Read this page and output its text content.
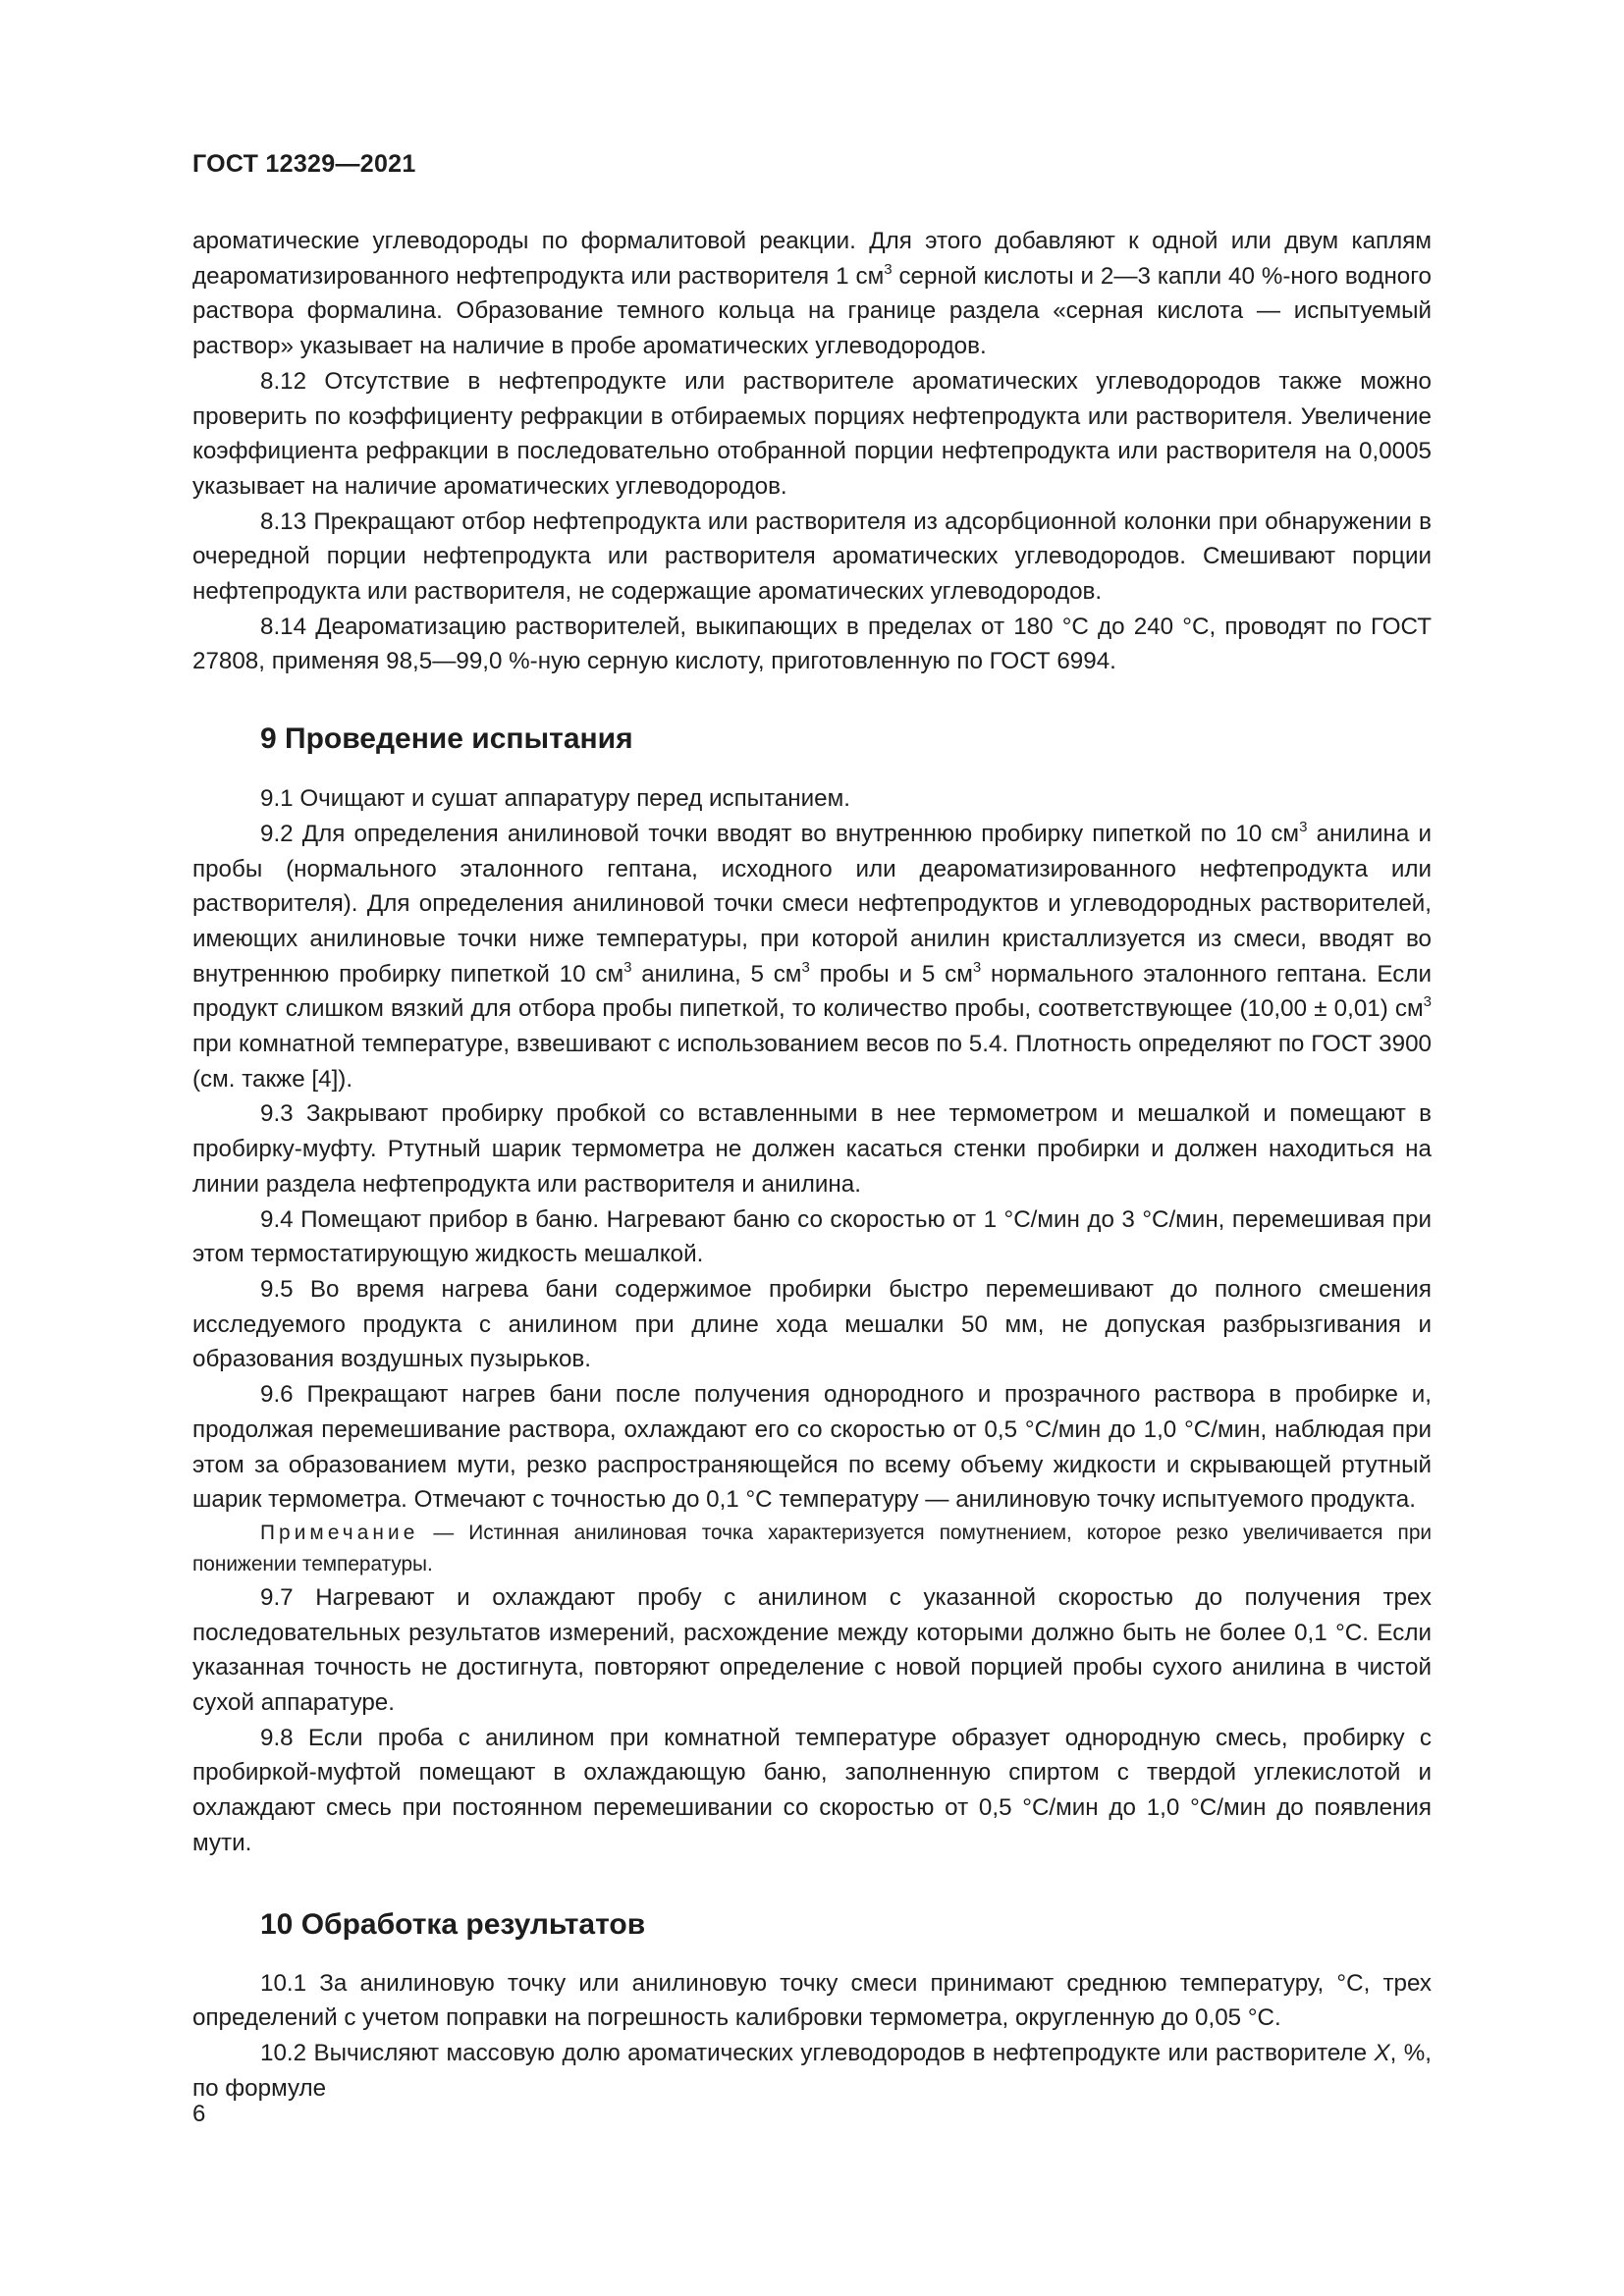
ГОСТ 12329—2021

ароматические углеводороды по формалитовой реакции. Для этого добавляют к одной или двум каплям деароматизированного нефтепродукта или растворителя 1 $см^3$ серной кислоты и 2—3 капли 40 %-ного водного раствора формалина. Образование темного кольца на границе раздела «серная кислота — испытуемый раствор» указывает на наличие в пробе ароматических углеводородов.

8.12 Отсутствие в нефтепродукте или растворителе ароматических углеводородов также можно проверить по коэффициенту рефракции в отбираемых порциях нефтепродукта или растворителя. Увеличение коэффициента рефракции в последовательно отобранной порции нефтепродукта или растворителя на 0,0005 указывает на наличие ароматических углеводородов.

8.13 Прекращают отбор нефтепродукта или растворителя из адсорбционной колонки при обнаружении в очередной порции нефтепродукта или растворителя ароматических углеводородов. Смешивают порции нефтепродукта или растворителя, не содержащие ароматических углеводородов.

8.14 Деароматизацию растворителей, выкипающих в пределах от 180 °С до 240 °С, проводят по ГОСТ 27808, применяя 98,5—99,0 %-ную серную кислоту, приготовленную по ГОСТ 6994.

9 Проведение испытания

9.1 Очищают и сушат аппаратуру перед испытанием.

9.2 Для определения анилиновой точки вводят во внутреннюю пробирку пипеткой по 10 $см^3$ анилина и пробы (нормального эталонного гептана, исходного или деароматизированного нефтепродукта или растворителя). Для определения анилиновой точки смеси нефтепродуктов и углеводородных растворителей, имеющих анилиновые точки ниже температуры, при которой анилин кристаллизуется из смеси, вводят во внутреннюю пробирку пипеткой 10 $см^3$ анилина, 5 $см^3$ пробы и 5 $см^3$ нормального эталонного гептана. Если продукт слишком вязкий для отбора пробы пипеткой, то количество пробы, соответствующее (10,00 ± 0,01) $см^3$ при комнатной температуре, взвешивают с использованием весов по 5.4. Плотность определяют по ГОСТ 3900 (см. также [4]).

9.3 Закрывают пробирку пробкой со вставленными в нее термометром и мешалкой и помещают в пробирку-муфту. Ртутный шарик термометра не должен касаться стенки пробирки и должен находиться на линии раздела нефтепродукта или растворителя и анилина.

9.4 Помещают прибор в баню. Нагревают баню со скоростью от 1 °С/мин до 3 °С/мин, перемешивая при этом термостатирующую жидкость мешалкой.

9.5 Во время нагрева бани содержимое пробирки быстро перемешивают до полного смешения исследуемого продукта с анилином при длине хода мешалки 50 мм, не допуская разбрызгивания и образования воздушных пузырьков.

9.6 Прекращают нагрев бани после получения однородного и прозрачного раствора в пробирке и, продолжая перемешивание раствора, охлаждают его со скоростью от 0,5 °С/мин до 1,0 °С/мин, наблюдая при этом за образованием мути, резко распространяющейся по всему объему жидкости и скрывающей ртутный шарик термометра. Отмечают с точностью до 0,1 °С температуру — анилиновую точку испытуемого продукта.

Примечание — Истинная анилиновая точка характеризуется помутнением, которое резко увеличивается при понижении температуры.

9.7 Нагревают и охлаждают пробу с анилином с указанной скоростью до получения трех последовательных результатов измерений, расхождение между которыми должно быть не более 0,1 °С. Если указанная точность не достигнута, повторяют определение с новой порцией пробы сухого анилина в чистой сухой аппаратуре.

9.8 Если проба с анилином при комнатной температуре образует однородную смесь, пробирку с пробиркой-муфтой помещают в охлаждающую баню, заполненную спиртом с твердой углекислотой и охлаждают смесь при постоянном перемешивании со скоростью от 0,5 °С/мин до 1,0 °С/мин до появления мути.

10 Обработка результатов

10.1 За анилиновую точку или анилиновую точку смеси принимают среднюю температуру, °С, трех определений с учетом поправки на погрешность калибровки термометра, округленную до 0,05 °С.

10.2 Вычисляют массовую долю ароматических углеводородов в нефтепродукте или растворителе X, %, по формуле

6
